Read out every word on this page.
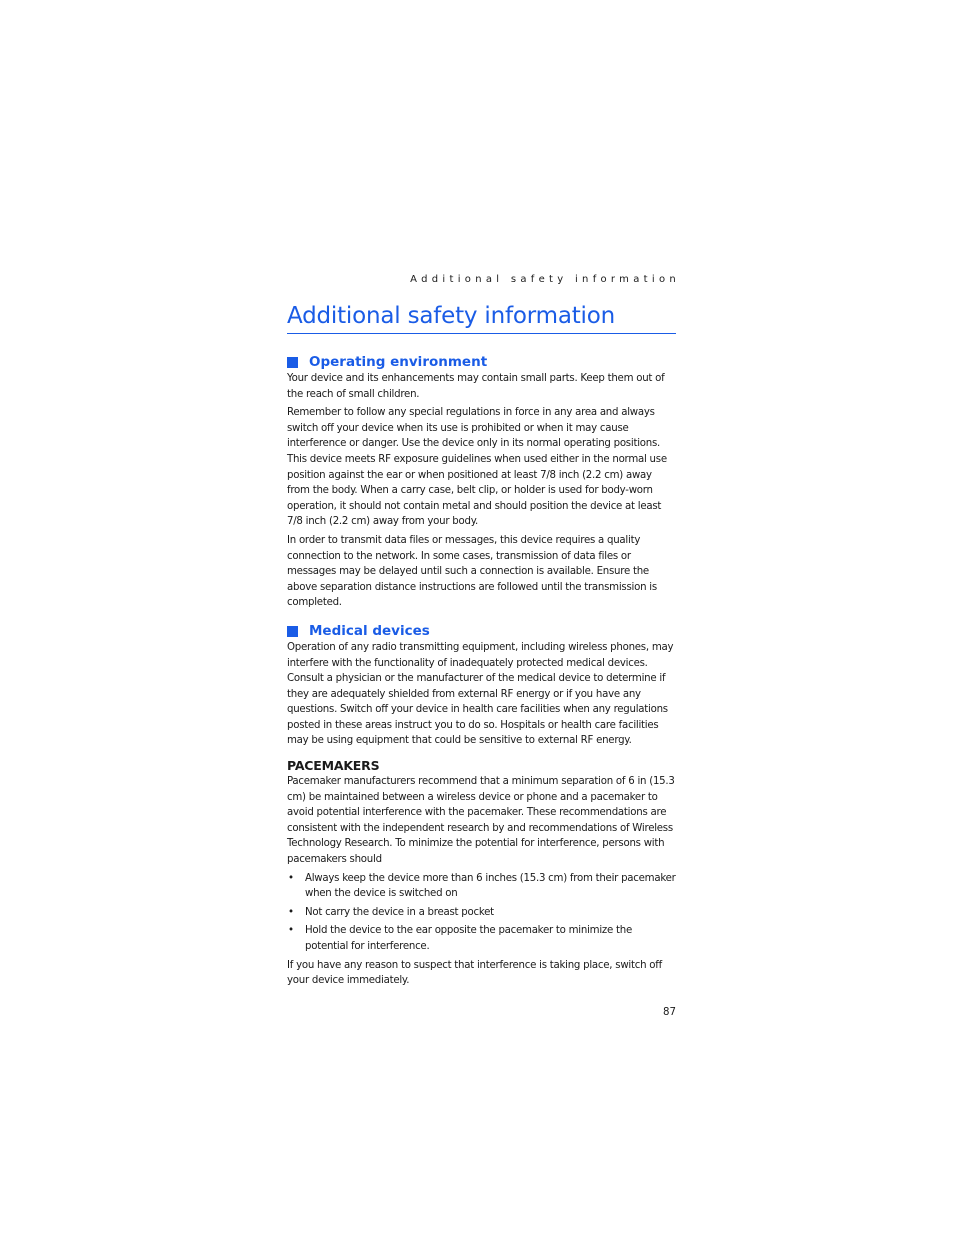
Additional safety information
Additional safety information
Operating environment

Your device and its enhancements may contain small parts. Keep them out of the reach of small children.

Remember to follow any special regulations in force in any area and always switch off your device when its use is prohibited or when it may cause interference or danger. Use the device only in its normal operating positions. This device meets RF exposure guidelines when used either in the normal use position against the ear or when positioned at least 7/8 inch (2.2 cm) away from the body. When a carry case, belt clip, or holder is used for body-worn operation, it should not contain metal and should position the device at least 7/8 inch (2.2 cm) away from your body.

In order to transmit data files or messages, this device requires a quality connection to the network. In some cases, transmission of data files or messages may be delayed until such a connection is available. Ensure the above separation distance instructions are followed until the transmission is completed.

Medical devices

Operation of any radio transmitting equipment, including wireless phones, may interfere with the functionality of inadequately protected medical devices. Consult a physician or the manufacturer of the medical device to determine if they are adequately shielded from external RF energy or if you have any questions. Switch off your device in health care facilities when any regulations posted in these areas instruct you to do so. Hospitals or health care facilities may be using equipment that could be sensitive to external RF energy.

PACEMAKERS

Pacemaker manufacturers recommend that a minimum separation of 6 in (15.3 cm) be maintained between a wireless device or phone and a pacemaker to avoid potential interference with the pacemaker. These recommendations are consistent with the independent research by and recommendations of Wireless Technology Research. To minimize the potential for interference, persons with pacemakers should

• Always keep the device more than 6 inches (15.3 cm) from their pacemaker when the device is switched on
• Not carry the device in a breast pocket
• Hold the device to the ear opposite the pacemaker to minimize the potential for interference.

If you have any reason to suspect that interference is taking place, switch off your device immediately.

87
